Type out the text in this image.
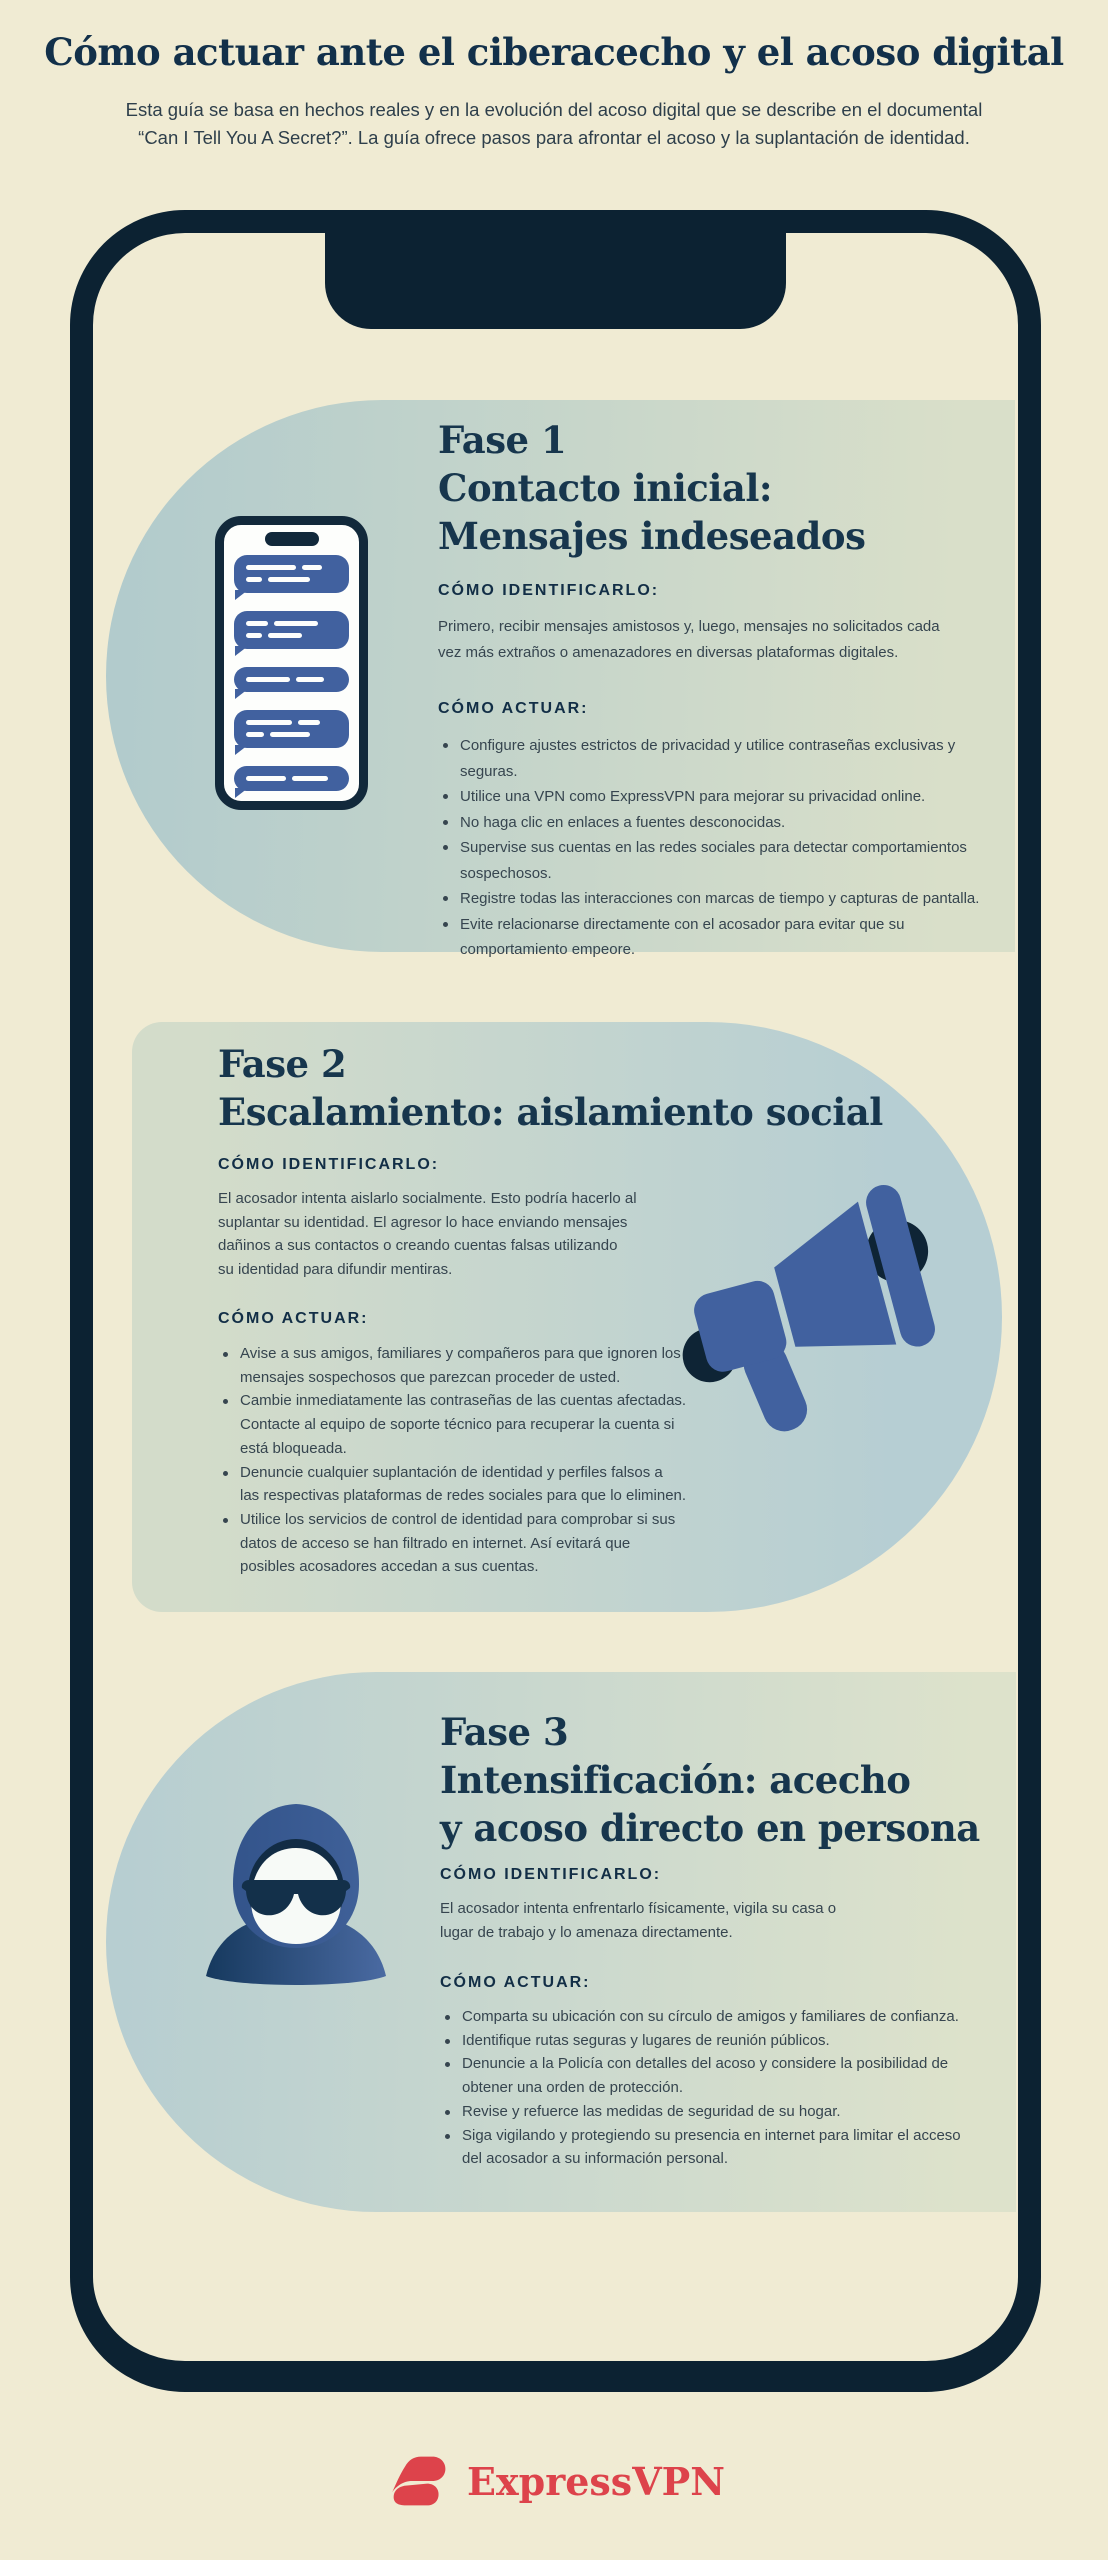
Cómo actuar ante el ciberacecho y el acoso digital

Esta guía se basa en hechos reales y en la evolución del acoso digital que se describe en el documental
“Can I Tell You A Secret?”. La guía ofrece pasos para afrontar el acoso y la suplantación de identidad.

Fase 1
Contacto inicial:
Mensajes indeseados
CÓMO IDENTIFICARLO:

Primero, recibir mensajes amistosos y, luego, mensajes no solicitados cada
vez más extraños o amenazadores en diversas plataformas digitales.

CÓMO ACTUAR:
Configure ajustes estrictos de privacidad y utilice contraseñas exclusivas y
seguras.
Utilice una VPN como ExpressVPN para mejorar su privacidad online.
No haga clic en enlaces a fuentes desconocidas.
Supervise sus cuentas en las redes sociales para detectar comportamientos
sospechosos.
Registre todas las interacciones con marcas de tiempo y capturas de pantalla.
Evite relacionarse directamente con el acosador para evitar que su
comportamiento empeore.
Fase 2
Escalamiento: aislamiento social
CÓMO IDENTIFICARLO:

El acosador intenta aislarlo socialmente. Esto podría hacerlo al
suplantar su identidad. El agresor lo hace enviando mensajes
dañinos a sus contactos o creando cuentas falsas utilizando
su identidad para difundir mentiras.

CÓMO ACTUAR:
Avise a sus amigos, familiares y compañeros para que ignoren los
mensajes sospechosos que parezcan proceder de usted.
Cambie inmediatamente las contraseñas de las cuentas afectadas.
Contacte al equipo de soporte técnico para recuperar la cuenta si
está bloqueada.
Denuncie cualquier suplantación de identidad y perfiles falsos a
las respectivas plataformas de redes sociales para que lo eliminen.
Utilice los servicios de control de identidad para comprobar si sus
datos de acceso se han filtrado en internet. Así evitará que
posibles acosadores accedan a sus cuentas.
Fase 3
Intensificación: acecho
y acoso directo en persona
CÓMO IDENTIFICARLO:

El acosador intenta enfrentarlo físicamente, vigila su casa o
lugar de trabajo y lo amenaza directamente.

CÓMO ACTUAR:
Comparta su ubicación con su círculo de amigos y familiares de confianza.
Identifique rutas seguras y lugares de reunión públicos.
Denuncie a la Policía con detalles del acoso y considere la posibilidad de
obtener una orden de protección.
Revise y refuerce las medidas de seguridad de su hogar.
Siga vigilando y protegiendo su presencia en internet para limitar el acceso
del acosador a su información personal.
ExpressVPN
